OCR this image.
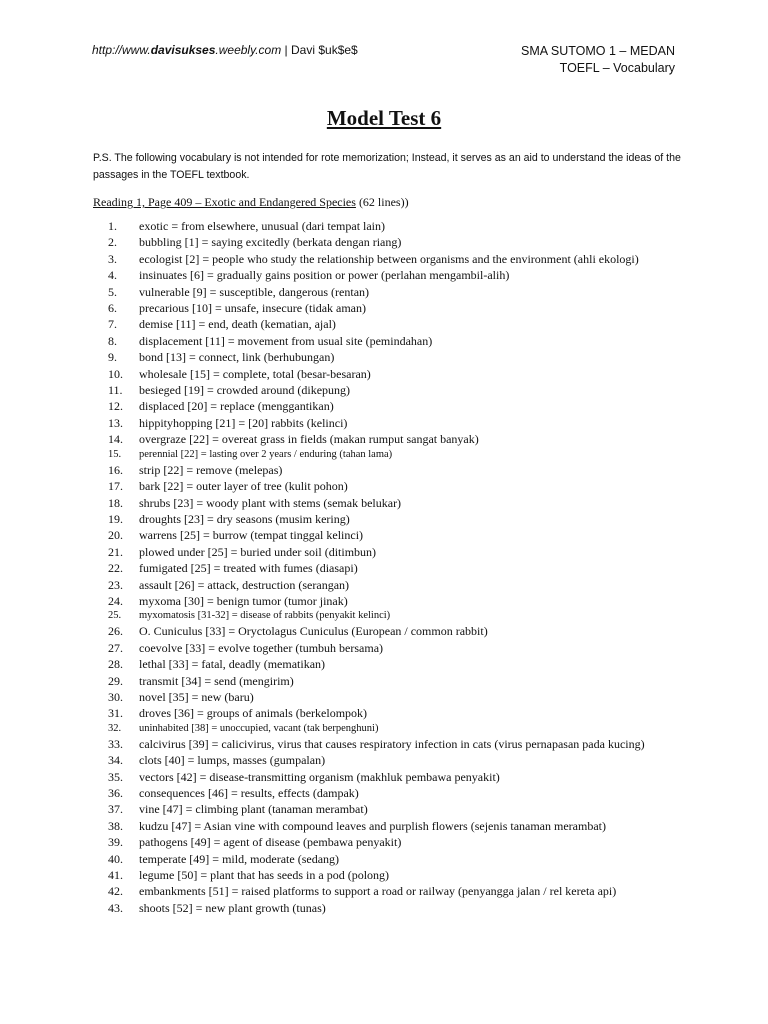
http://www.davisukses.weebly.com | Davi $uk$e$	SMA SUTOMO 1 – MEDAN
TOEFL – Vocabulary
Model Test 6
P.S. The following vocabulary is not intended for rote memorization; Instead, it serves as an aid to understand the ideas of the passages in the TOEFL textbook.
Reading 1, Page 409 – Exotic and Endangered Species (62 lines))
1.	exotic = from elsewhere, unusual (dari tempat lain)
2.	bubbling [1] = saying excitedly (berkata dengan riang)
3.	ecologist [2] = people who study the relationship between organisms and the environment (ahli ekologi)
4.	insinuates [6] = gradually gains position or power (perlahan mengambil-alih)
5.	vulnerable [9] = susceptible, dangerous (rentan)
6.	precarious [10] = unsafe, insecure (tidak aman)
7.	demise [11] = end, death (kematian, ajal)
8.	displacement [11] = movement from usual site (pemindahan)
9.	bond [13] = connect, link (berhubungan)
10.	wholesale [15] = complete, total (besar-besaran)
11.	besieged [19] = crowded around (dikepung)
12.	displaced [20] = replace (menggantikan)
13.	hippityhopping [21] = [20] rabbits (kelinci)
14.	overgraze [22] = overeat grass in fields (makan rumput sangat banyak)
15.	perennial [22] = lasting over 2 years / enduring (tahan lama)
16.	strip [22] = remove (melepas)
17.	bark [22] = outer layer of tree (kulit pohon)
18.	shrubs [23] = woody plant with stems (semak belukar)
19.	droughts [23] = dry seasons (musim kering)
20.	warrens [25] = burrow (tempat tinggal kelinci)
21.	plowed under [25] = buried under soil (ditimbun)
22.	fumigated [25] = treated with fumes (diasapi)
23.	assault [26] = attack, destruction (serangan)
24.	myxoma [30] = benign tumor (tumor jinak)
25.	myxomatosis [31-32] = disease of rabbits (penyakit kelinci)
26.	O. Cuniculus [33] = Oryctolagus Cuniculus (European / common rabbit)
27.	coevolve [33] = evolve together (tumbuh bersama)
28.	lethal [33] = fatal, deadly (mematikan)
29.	transmit [34] = send (mengirim)
30.	novel [35] = new (baru)
31.	droves [36] = groups of animals (berkelompok)
32.	uninhabited [38] = unoccupied, vacant (tak berpenghuni)
33.	calcivirus [39] = calicivirus, virus that causes respiratory infection in cats (virus pernapasan pada kucing)
34.	clots [40] = lumps, masses (gumpalan)
35.	vectors [42] = disease-transmitting organism (makhluk pembawa penyakit)
36.	consequences [46] = results, effects (dampak)
37.	vine [47] = climbing plant (tanaman merambat)
38.	kudzu [47] = Asian vine with compound leaves and purplish flowers (sejenis tanaman merambat)
39.	pathogens [49] = agent of disease (pembawa penyakit)
40.	temperate [49] = mild, moderate (sedang)
41.	legume [50] = plant that has seeds in a pod (polong)
42.	embankments [51] = raised platforms to support a road or railway (penyangga jalan / rel kereta api)
43.	shoots [52] = new plant growth (tunas)
